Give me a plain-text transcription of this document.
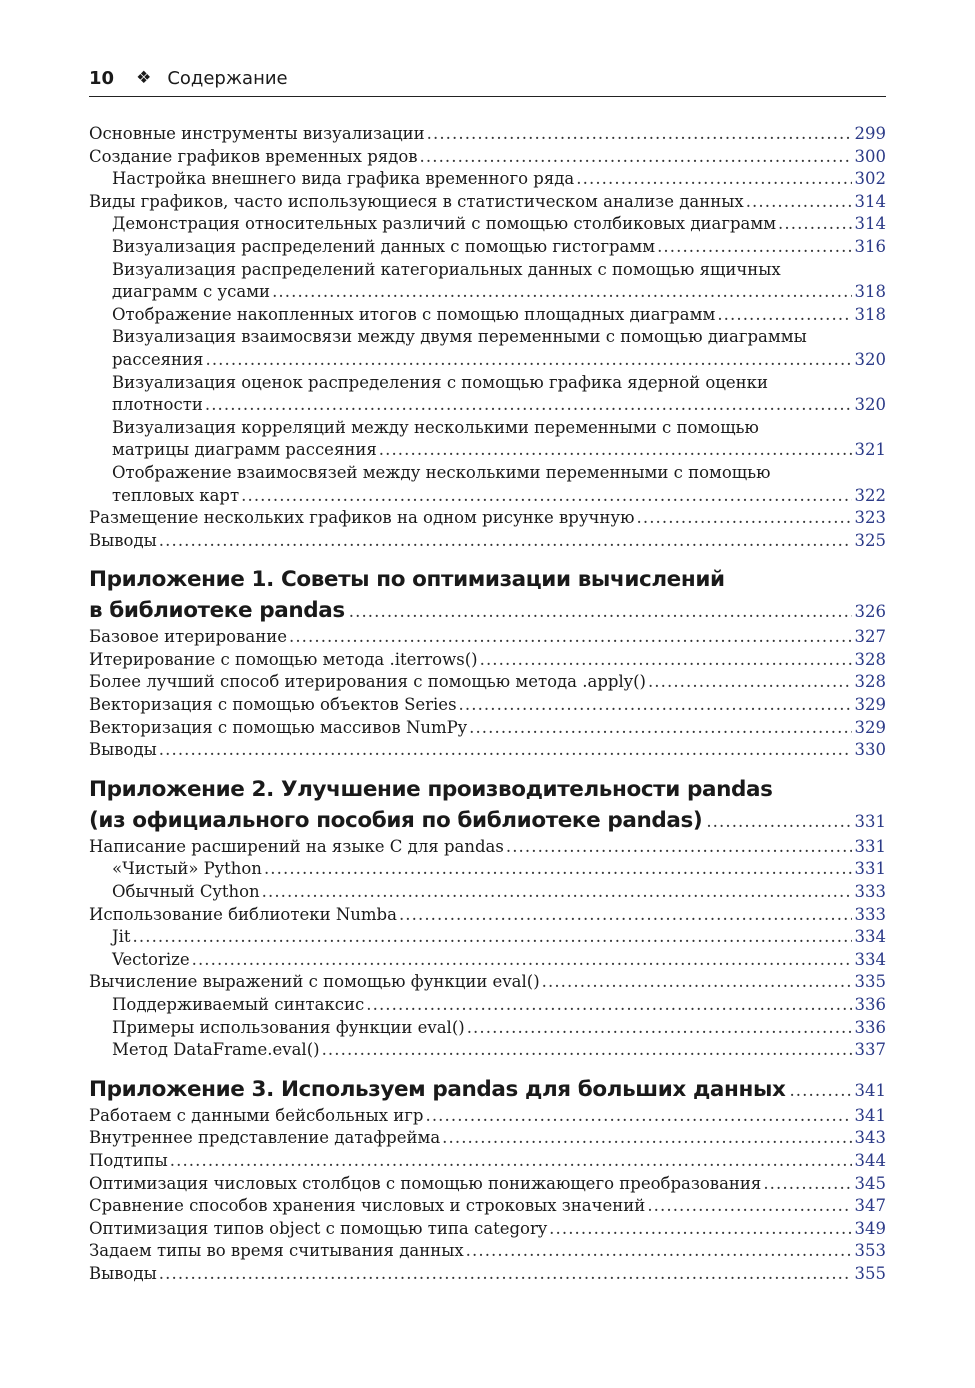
10 ❖ Содержание
Основные инструменты визуализации .....	299
Создание графиков временных рядов .....	300
Настройка внешнего вида графика временного ряда .....	302
Виды графиков, часто использующиеся в статистическом анализе данных .....	314
Демонстрация относительных различий с помощью столбиковых диаграмм .....	314
Визуализация распределений данных с помощью гистограмм .....	316
Визуализация распределений категориальных данных с помощью ящичных
диаграмм с усами .....	318
Отображение накопленных итогов с помощью площадных диаграмм .....	318
Визуализация взаимосвязи между двумя переменными с помощью диаграммы
рассеяния .....	320
Визуализация оценок распределения с помощью графика ядерной оценки
плотности .....	320
Визуализация корреляций между несколькими переменными с помощью
матрицы диаграмм рассеяния .....	321
Отображение взаимосвязей между несколькими переменными с помощью
тепловых карт .....	322
Размещение нескольких графиков на одном рисунке вручную .....	323
Выводы .....	325
Приложение 1. Советы по оптимизации вычислений
в библиотеке pandas .....	326
Базовое итерирование .....	327
Итерирование с помощью метода .iterrows() .....	328
Более лучший способ итерирования с помощью метода .apply() .....	328
Векторизация с помощью объектов Series .....	329
Векторизация с помощью массивов NumPy .....	329
Выводы .....	330
Приложение 2. Улучшение производительности pandas
(из официального пособия по библиотеке pandas) .....	331
Написание расширений на языке C для pandas .....	331
«Чистый» Python .....	331
Обычный Cython .....	333
Использование библиотеки Numba .....	333
Jit .....	334
Vectorize .....	334
Вычисление выражений с помощью функции eval() .....	335
Поддерживаемый синтаксис .....	336
Примеры использования функции eval() .....	336
Метод DataFrame.eval() .....	337
Приложение 3. Используем pandas для больших данных .....	341
Работаем с данными бейсбольных игр .....	341
Внутреннее представление датафрейма .....	343
Подтипы .....	344
Оптимизация числовых столбцов с помощью понижающего преобразования .....	345
Сравнение способов хранения числовых и строковых значений .....	347
Оптимизация типов object с помощью типа category .....	349
Задаем типы во время считывания данных .....	353
Выводы .....	355
